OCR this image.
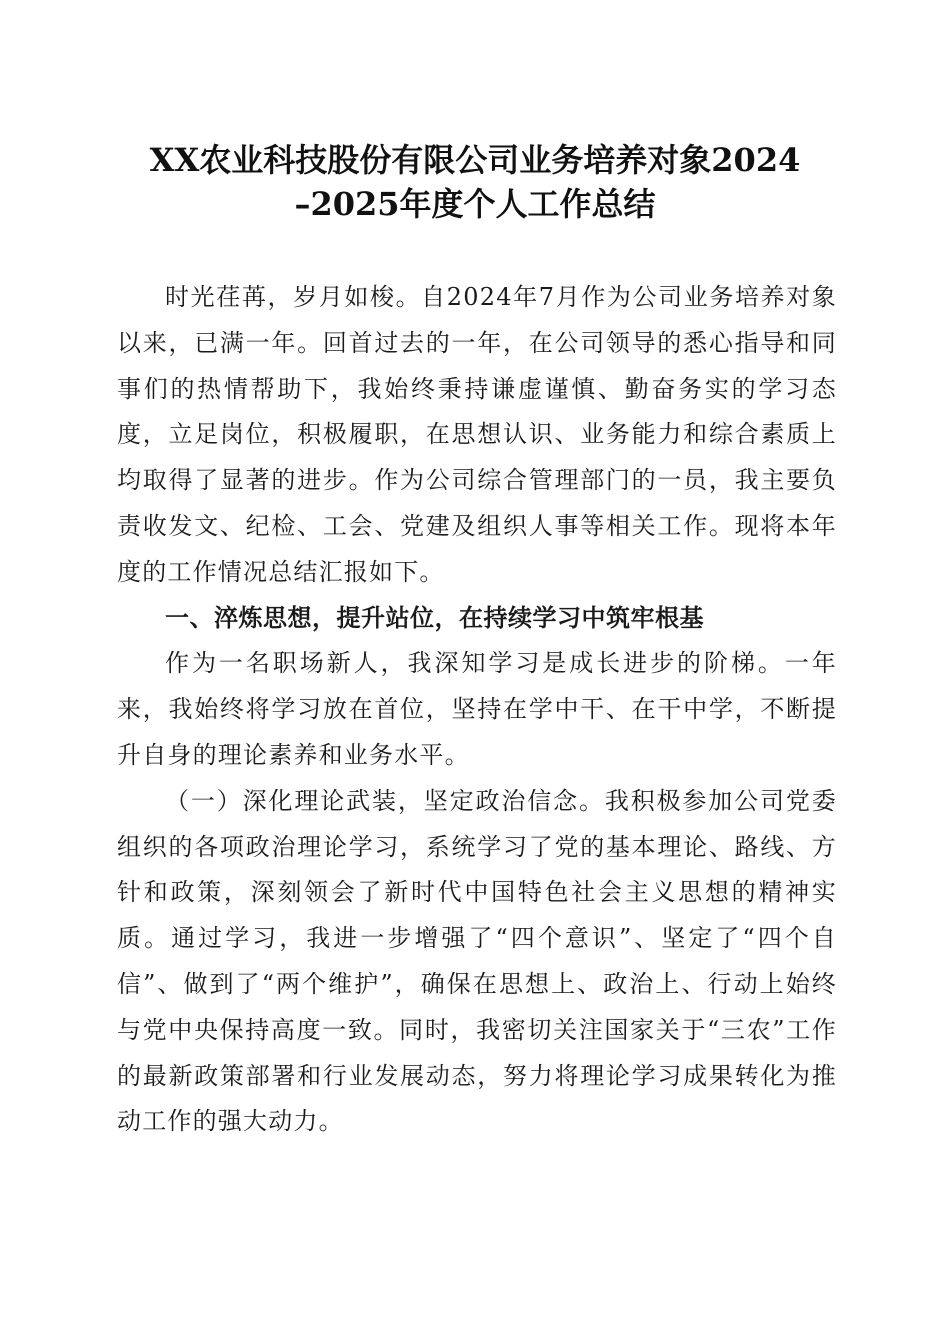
XX农业科技股份有限公司业务培养对象2024
–2025年度个人工作总结

时光荏苒，岁月如梭。自2024年7月作为公司业务培养对象以来，已满一年。回首过去的一年，在公司领导的悉心指导和同事们的热情帮助下，我始终秉持谦虚谨慎、勤奋务实的学习态度，立足岗位，积极履职，在思想认识、业务能力和综合素质上均取得了显著的进步。作为公司综合管理部门的一员，我主要负责收发文、纪检、工会、党建及组织人事等相关工作。现将本年度的工作情况总结汇报如下。

一、淬炼思想，提升站位，在持续学习中筑牢根基

作为一名职场新人，我深知学习是成长进步的阶梯。一年来，我始终将学习放在首位，坚持在学中干、在干中学，不断提升自身的理论素养和业务水平。

（一）深化理论武装，坚定政治信念。我积极参加公司党委组织的各项政治理论学习，系统学习了党的基本理论、路线、方针和政策，深刻领会了新时代中国特色社会主义思想的精神实质。通过学习，我进一步增强了“四个意识”、坚定了“四个自信”、做到了“两个维护”，确保在思想上、政治上、行动上始终与党中央保持高度一致。同时，我密切关注国家关于“三农”工作的最新政策部署和行业发展动态，努力将理论学习成果转化为推动工作的强大动力。
